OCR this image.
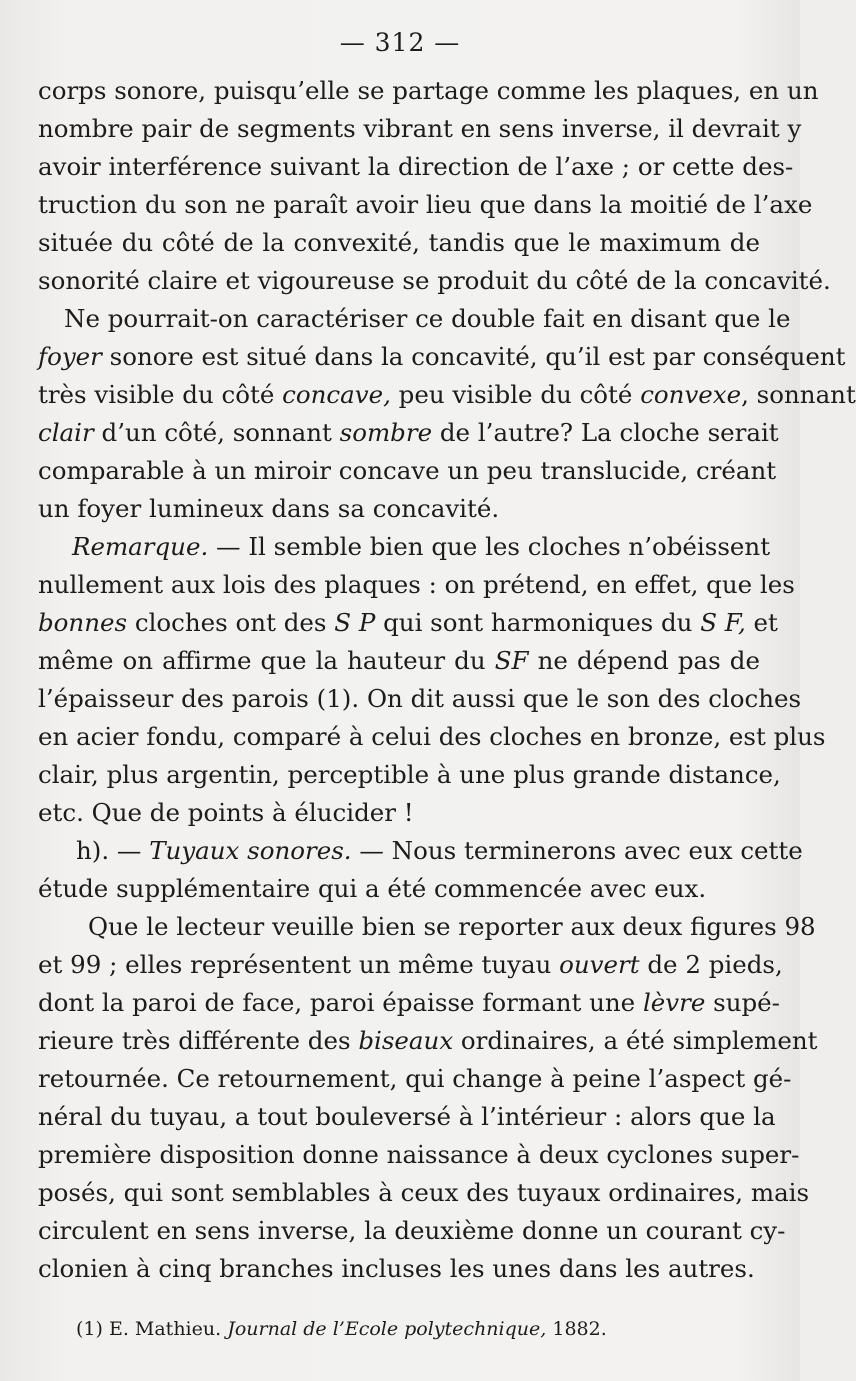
— 312 —
corps sonore, puisqu’elle se partage comme les plaques, en un
nombre pair de segments vibrant en sens inverse, il devrait y
avoir interférence suivant la direction de l’axe ; or cette des-
truction du son ne paraît avoir lieu que dans la moitié de l’axe
située du côté de la convexité, tandis que le maximum de
sonorité claire et vigoureuse se produit du côté de la concavité.
Ne pourrait-on caractériser ce double fait en disant que le
foyer sonore est situé dans la concavité, qu’il est par conséquent
très visible du côté concave, peu visible du côté convexe, sonnant
clair d’un côté, sonnant sombre de l’autre? La cloche serait
comparable à un miroir concave un peu translucide, créant
un foyer lumineux dans sa concavité.
Remarque. — Il semble bien que les cloches n’obéissent
nullement aux lois des plaques : on prétend, en effet, que les
bonnes cloches ont des S P qui sont harmoniques du S F, et
même on affirme que la hauteur du SF ne dépend pas de
l’épaisseur des parois (1). On dit aussi que le son des cloches
en acier fondu, comparé à celui des cloches en bronze, est plus
clair, plus argentin, perceptible à une plus grande distance,
etc. Que de points à élucider !
h). — Tuyaux sonores. — Nous terminerons avec eux cette
étude supplémentaire qui a été commencée avec eux.
Que le lecteur veuille bien se reporter aux deux figures 98
et 99 ; elles représentent un même tuyau ouvert de 2 pieds,
dont la paroi de face, paroi épaisse formant une lèvre supé-
rieure très différente des biseaux ordinaires, a été simplement
retournée. Ce retournement, qui change à peine l’aspect gé-
néral du tuyau, a tout bouleversé à l’intérieur : alors que la
première disposition donne naissance à deux cyclones super-
posés, qui sont semblables à ceux des tuyaux ordinaires, mais
circulent en sens inverse, la deuxième donne un courant cy-
clonien à cinq branches incluses les unes dans les autres.
(1) E. Mathieu. Journal de l’Ecole polytechnique, 1882.
